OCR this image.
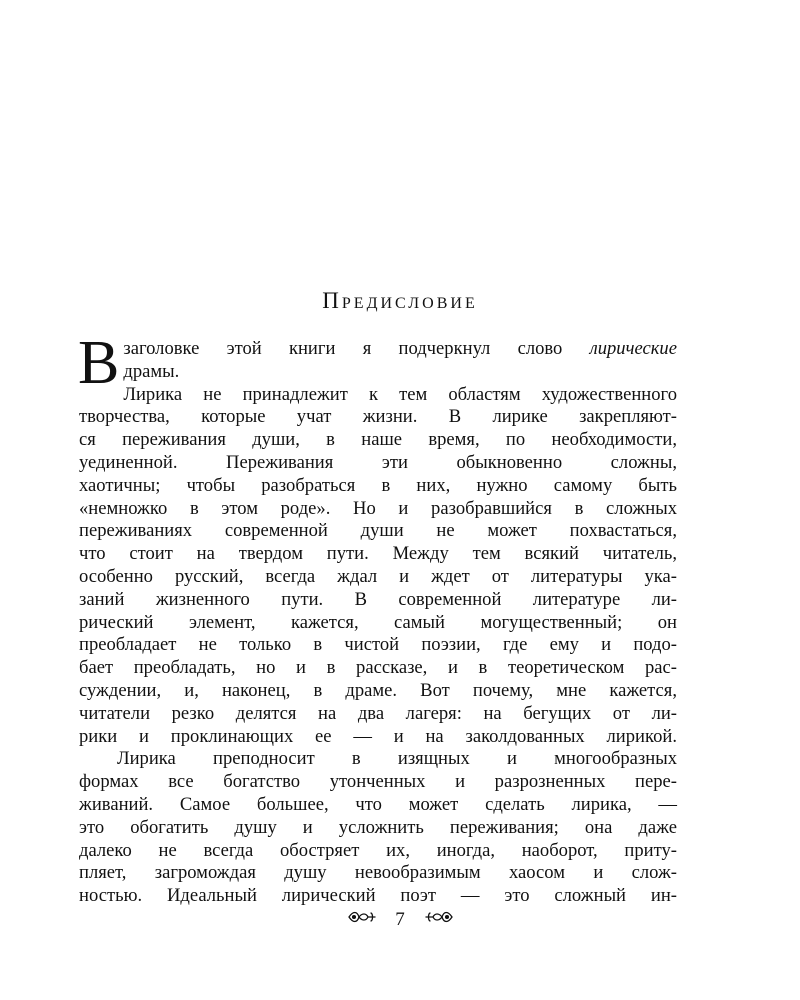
Предисловие

Взаголовке этой книги я подчеркнул слово лирические

драмы.

Лирика не принадлежит к тем областям художественного

творчества, которые учат жизни. В лирике закрепляют-

ся переживания души, в наше время, по необходимости,

уединенной. Переживания эти обыкновенно сложны,

хаотичны; чтобы разобраться в них, нужно самому быть

«немножко в этом роде». Но и разобравшийся в сложных

переживаниях современной души не может похвастаться,

что стоит на твердом пути. Между тем всякий читатель,

особенно русский, всегда ждал и ждет от литературы ука-

заний жизненного пути. В современной литературе ли-

рический элемент, кажется, самый могущественный; он

преобладает не только в чистой поэзии, где ему и подо-

бает преобладать, но и в рассказе, и в теоретическом рас-

суждении, и, наконец, в драме. Вот почему, мне кажется,

читатели резко делятся на два лагеря: на бегущих от ли-

рики и проклинающих ее — и на заколдованных лирикой.

Лирика преподносит в изящных и многообразных

формах все богатство утонченных и разрозненных пере-

живаний. Самое большее, что может сделать лирика, —

это обогатить душу и усложнить переживания; она даже

далеко не всегда обостряет их, иногда, наоборот, приту-

пляет, загромождая душу невообразимым хаосом и слож-

ностью. Идеальный лирический поэт — это сложный ин-

7
